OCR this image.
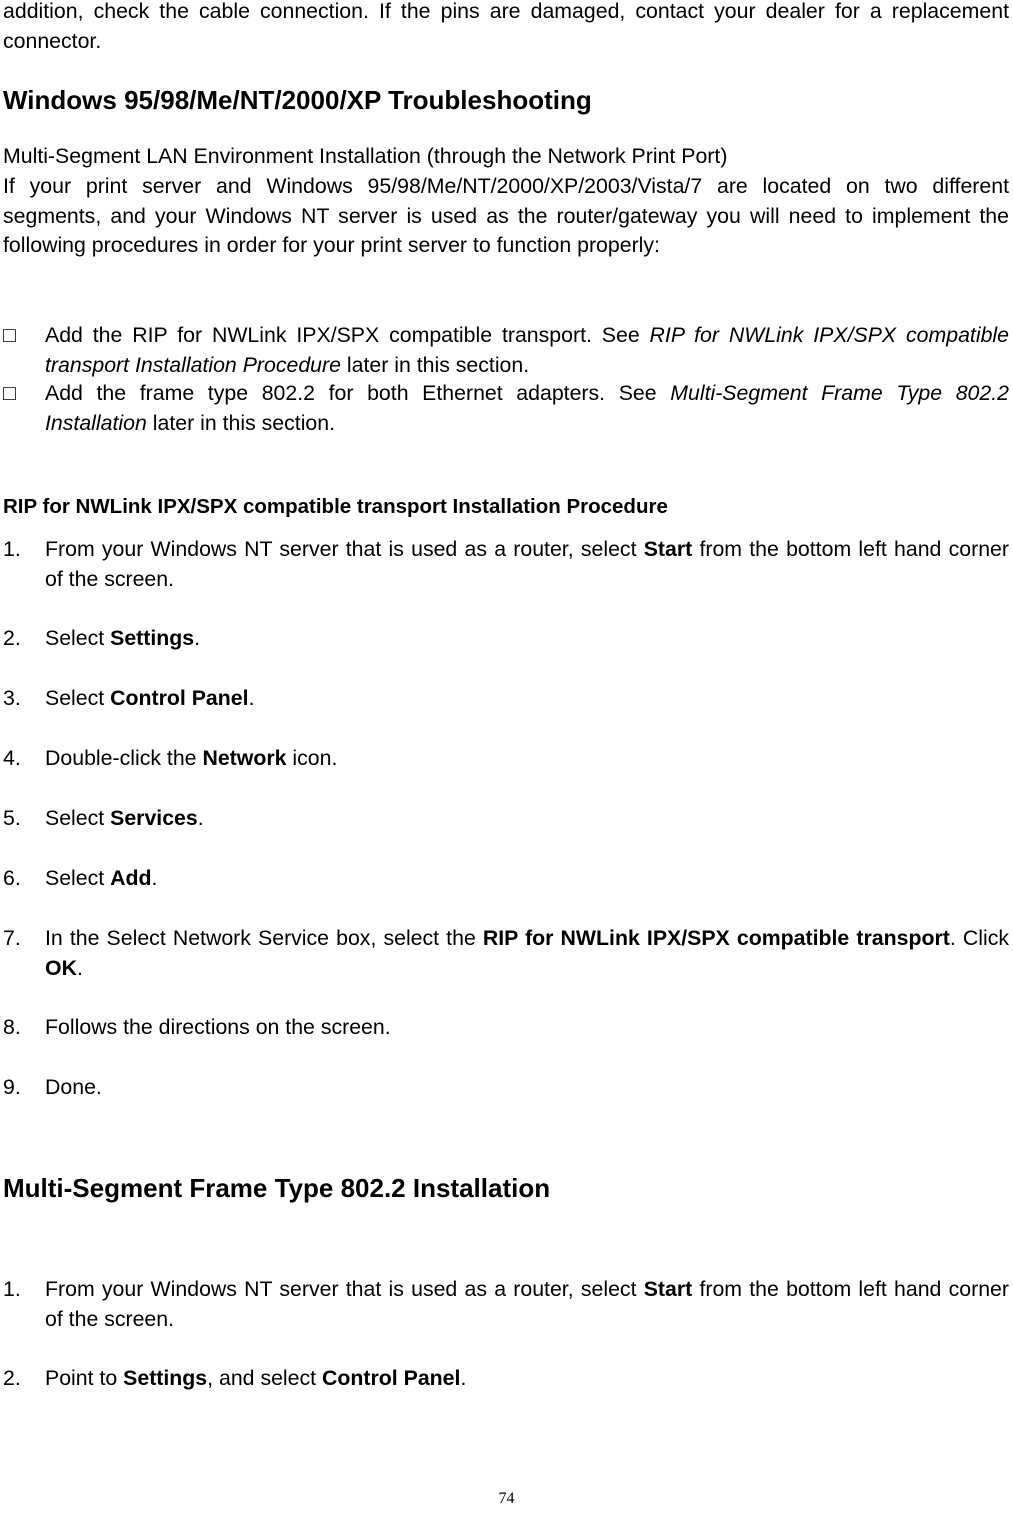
addition, check the cable connection. If the pins are damaged, contact your dealer for a replacement connector.
Windows 95/98/Me/NT/2000/XP Troubleshooting
Multi-Segment LAN Environment Installation (through the Network Print Port)
If your print server and Windows 95/98/Me/NT/2000/XP/2003/Vista/7 are located on two different segments, and your Windows NT server is used as the router/gateway you will need to implement the following procedures in order for your print server to function properly:
□ Add the RIP for NWLink IPX/SPX compatible transport. See RIP for NWLink IPX/SPX compatible transport Installation Procedure later in this section.
□ Add the frame type 802.2 for both Ethernet adapters. See Multi-Segment Frame Type 802.2 Installation later in this section.
RIP for NWLink IPX/SPX compatible transport Installation Procedure
1. From your Windows NT server that is used as a router, select Start from the bottom left hand corner of the screen.
2. Select Settings.
3. Select Control Panel.
4. Double-click the Network icon.
5. Select Services.
6. Select Add.
7. In the Select Network Service box, select the RIP for NWLink IPX/SPX compatible transport. Click OK.
8. Follows the directions on the screen.
9. Done.
Multi-Segment Frame Type 802.2 Installation
1. From your Windows NT server that is used as a router, select Start from the bottom left hand corner of the screen.
2. Point to Settings, and select Control Panel.
74
